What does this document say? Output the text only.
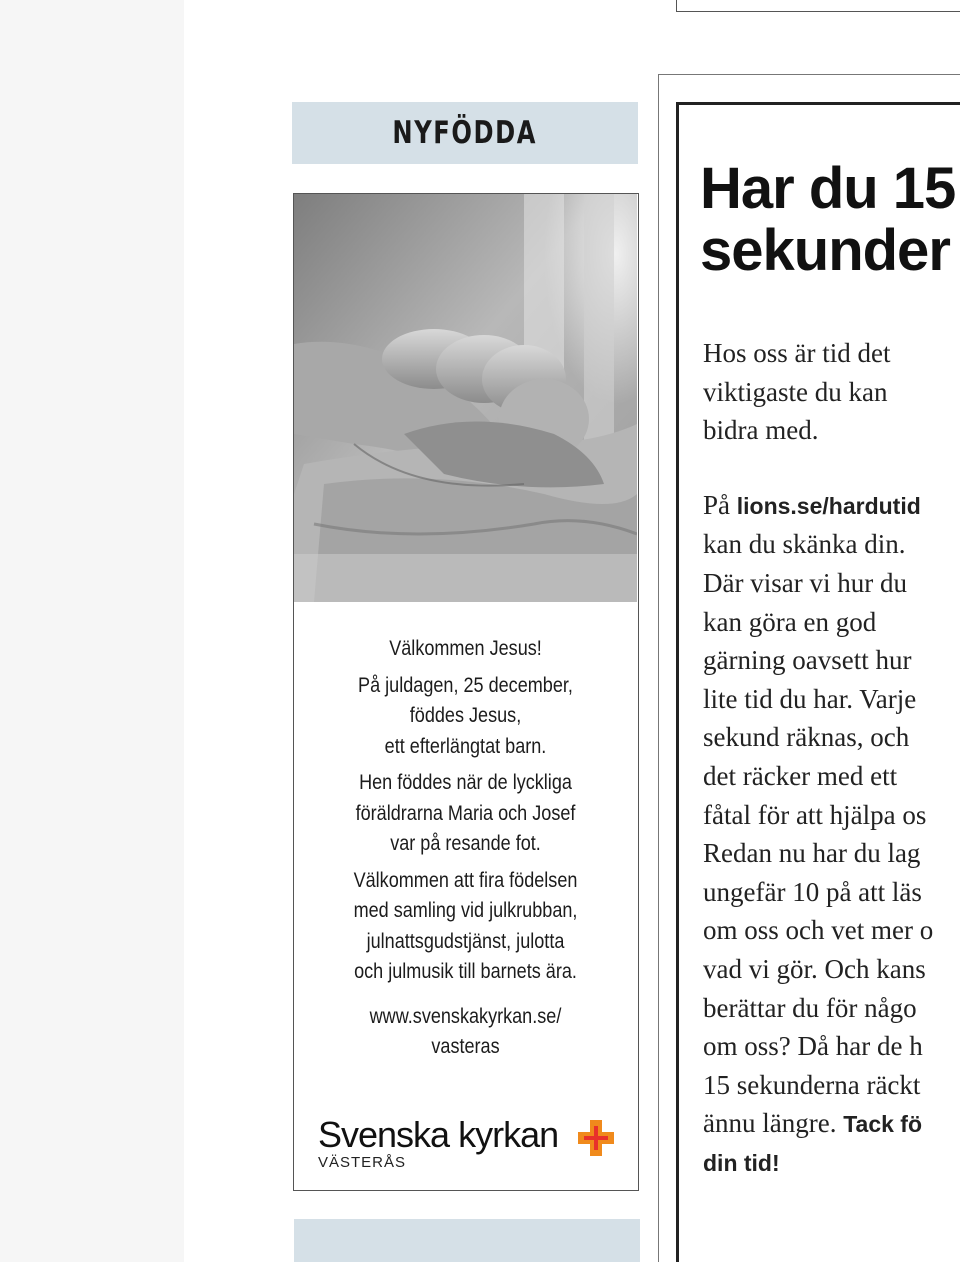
NYFÖDDA

Välkommen Jesus!

På juldagen, 25 december,

föddes Jesus,

ett efterlängtat barn.

Hen föddes när de lyckliga

föräldrarna Maria och Josef

var på resande fot.

Välkommen att fira födelsen

med samling vid julkrubban,

julnattsgudstjänst, julotta

och julmusik till barnets ära.

www.svenskakyrkan.se/

vasteras

Svenska kyrkan
VÄSTERÅS
Har du 15
sekunder
Hos oss är tid det
viktigaste du kan
bidra med.
På lions.se/hardutid
kan du skänka din.
Där visar vi hur du
kan göra en god
gärning oavsett hur
lite tid du har. Varje
sekund räknas, och
det räcker med ett
fåtal för att hjälpa os
Redan nu har du lag
ungefär 10 på att läs
om oss och vet mer o
vad vi gör. Och kans
berättar du för någo
om oss? Då har de h
15 sekunderna räckt
ännu längre. Tack fö
din tid!
